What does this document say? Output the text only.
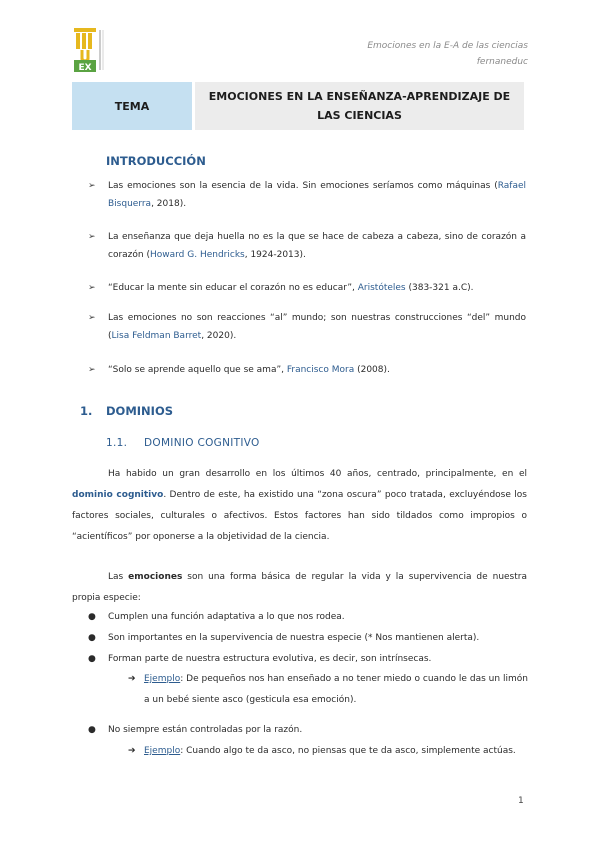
EX
Emociones en la E-A de las ciencias
fernaneduc
TEMA
EMOCIONES EN LA ENSEÑANZA-APRENDIZAJE DE
LAS CIENCIAS
INTRODUCCIÓN
➢ Las emociones son la esencia de la vida. Sin emociones seríamos como máquinas (Rafael Bisquerra, 2018).
➢ La enseñanza que deja huella no es la que se hace de cabeza a cabeza, sino de corazón a corazón (Howard G. Hendricks, 1924-2013).
➢ “Educar la mente sin educar el corazón no es educar”, Aristóteles (383-321 a.C).
➢ Las emociones no son reacciones “al” mundo; son nuestras construcciones “del” mundo (Lisa Feldman Barret, 2020).
➢ “Solo se aprende aquello que se ama”, Francisco Mora (2008).
1. DOMINIOS
1.1. DOMINIO COGNITIVO
Ha habido un gran desarrollo en los últimos 40 años, centrado, principalmente, en el dominio cognitivo. Dentro de este, ha existido una “zona oscura” poco tratada, excluyéndose los factores sociales, culturales o afectivos. Estos factores han sido tildados como impropios o “acientíficos” por oponerse a la objetividad de la ciencia.
Las emociones son una forma básica de regular la vida y la supervivencia de nuestra propia especie:
● Cumplen una función adaptativa a lo que nos rodea.
● Son importantes en la supervivencia de nuestra especie (* Nos mantienen alerta).
● Forman parte de nuestra estructura evolutiva, es decir, son intrínsecas.
➔ Ejemplo: De pequeños nos han enseñado a no tener miedo o cuando le das un limón a un bebé siente asco (gesticula esa emoción).
● No siempre están controladas por la razón.
➔ Ejemplo: Cuando algo te da asco, no piensas que te da asco, simplemente actúas.
1
